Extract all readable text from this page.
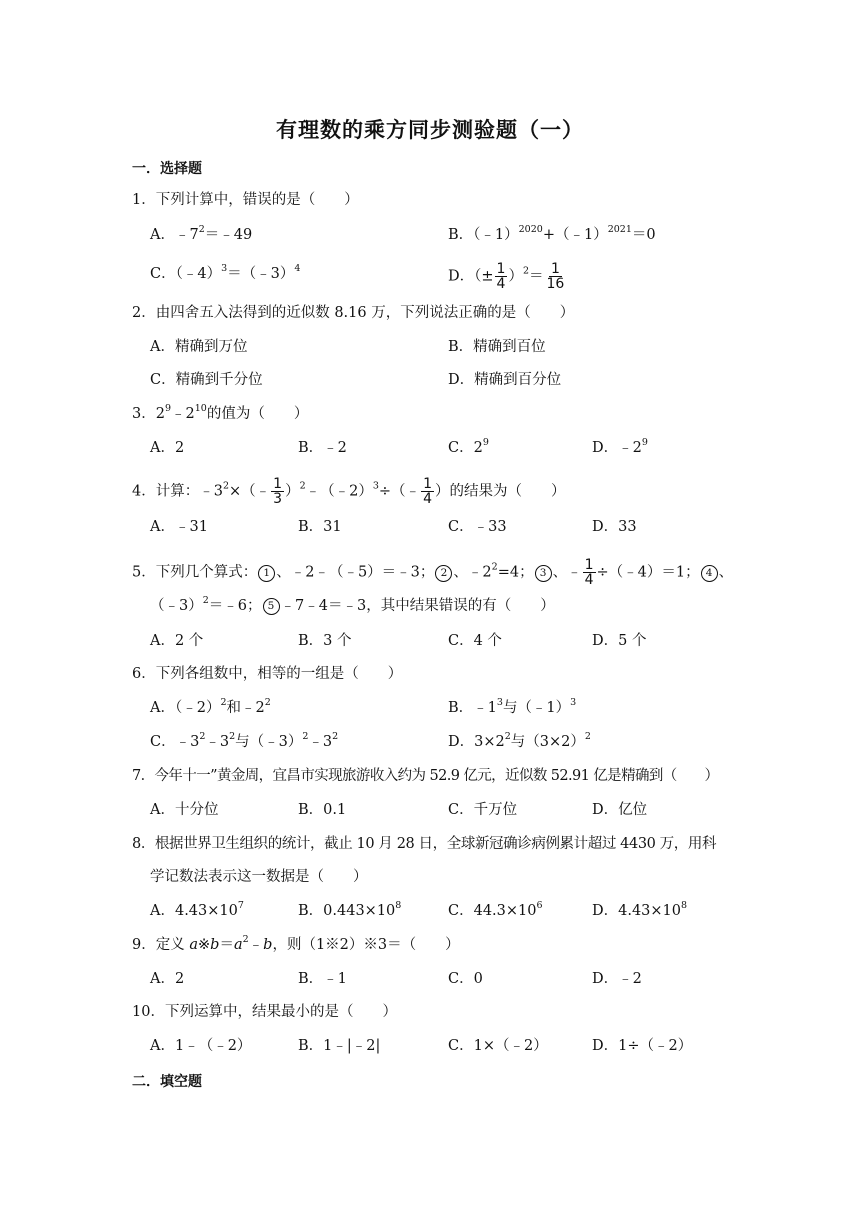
有理数的乘方同步测验题（一）
一．选择题
1．下列计算中，错误的是（　　）
A．$﹣7^2=﹣49$	B．（﹣1）$^{2020}$+（﹣1）$^{2021}$＝0
C．（﹣4）$^3$＝（﹣3）$^4$	D．（± $\frac{1}{4} )^2= \frac{1}{16}$
2．由四舍五入法得到的近似数 8.16 万，下列说法正确的是（　　）
A．精确到万位	B．精确到百位
C．精确到千分位	D．精确到百分位
3．$2^9﹣2^{10}$的值为（　　）
A．2	B．﹣2	C．$2^9$	D．$﹣2^9$
4．计算：$﹣3^2\times(﹣ \frac{1}{3}$ ）$^2$﹣（﹣2）$^3$÷（﹣ $\frac{1}{4}$ ）的结果为（　　）
A．﹣31	B．31	C．﹣33	D．33
5．下列几个算式： 1 、﹣2﹣（﹣5）＝﹣3； 2 、$﹣2^2=4$； 3 、﹣ $\frac{1}{4}$ ÷（﹣4）＝1； 4 、
（﹣3）$^2$＝﹣6； 5 ﹣7﹣4＝﹣3，其中结果错误的有（　　）
A．2 个	B．3 个	C．4 个	D．5 个
6．下列各组数中，相等的一组是（　　）
A．（﹣2）$^2$和$﹣2^2$	B．$﹣1^3$与（﹣1）$^3$
C．$﹣3^2﹣3^2$与$(﹣3)^2﹣3^2$	D．$3\times 2^2$与$(3\times 2)^2$
7．今年十一”黄金周，宜昌市实现旅游收入约为 52.9 亿元，近似数 52.91 亿是精确到（　　）
A．十分位	B．0.1	C．千万位	D．亿位
8．根据世界卫生组织的统计，截止 10 月 28 日，全球新冠确诊病例累计超过 4430 万，用科
学记数法表示这一数据是（　　）
A．$4.43\times 10^7$	B．$0.443\times 10^8$	C．$44.3\times 10^6$	D．$4.43\times 10^8$
9．定义 $a※b=a^2﹣b$，则（1※2）※3＝（　　）
A．2	B．﹣1	C．0	D．﹣2
10．下列运算中，结果最小的是（　　）
A．1﹣（﹣2）	B．1﹣|﹣2|	C．1×（﹣2）	D．1÷（﹣2）
二．填空题
